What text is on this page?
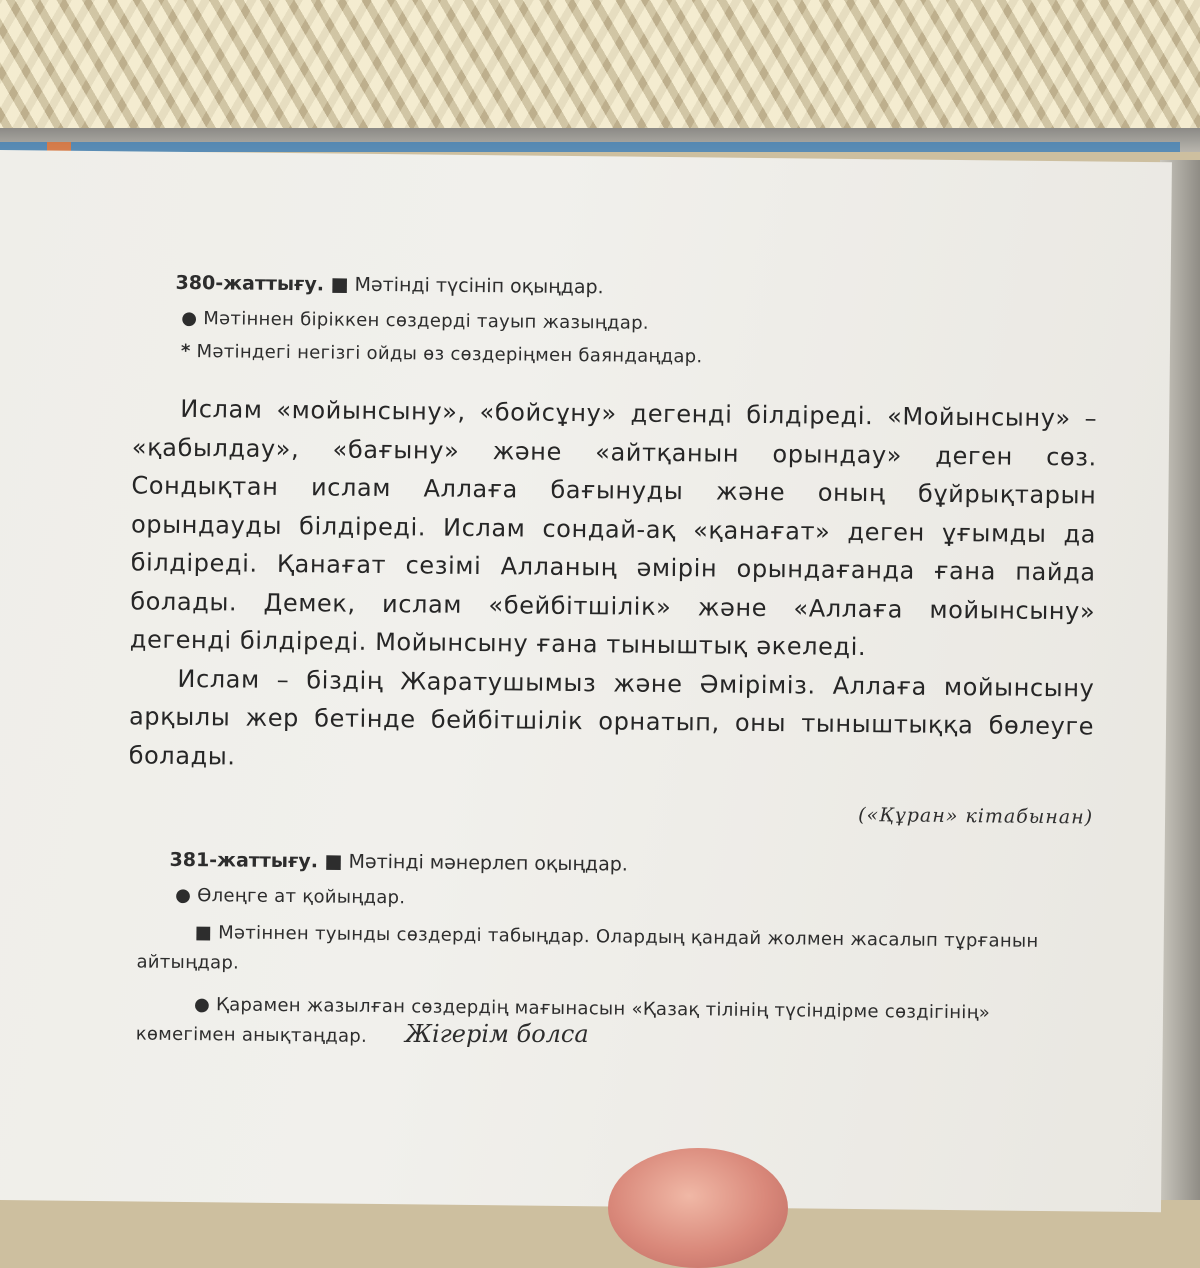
380-жаттығу. ■ Мәтінді түсініп оқыңдар.
● Мәтіннен біріккен сөздерді тауып жазыңдар.
* Мәтіндегі негізгі ойды өз сөздеріңмен баяндаңдар.

Ислам «мойынсыну», «бойсұну» дегенді білдіреді. «Мойынсыну» – «қабылдау», «бағыну» және «айтқанын орындау» деген сөз. Сондықтан ислам Аллаға бағынуды және оның бұйрықтарын орындауды білдіреді. Ислам сондай-ақ «қанағат» деген ұғымды да білдіреді. Қанағат сезімі Алланың әмірін орындағанда ғана пайда болады. Демек, ислам «бейбітшілік» және «Аллаға мойынсыну» дегенді білдіреді. Мойынсыну ғана тыныштық әкеледі.

Ислам – біздің Жаратушымыз және Әміріміз. Аллаға мойынсыну арқылы жер бетінде бейбітшілік орнатып, оны тыныштыққа бөлеуге болады.

(«Құран» кітабынан)
381-жаттығу. ■ Мәтінді мәнерлеп оқыңдар.
● Өлеңге ат қойыңдар.
■ Мәтіннен туынды сөздерді табыңдар. Олардың қандай жолмен жасалып тұрғанын айтыңдар.
● Қарамен жазылған сөздердің мағынасын «Қазақ тілінің түсіндірме сөздігінің» көмегімен анықтаңдар.	Жігерім болса
